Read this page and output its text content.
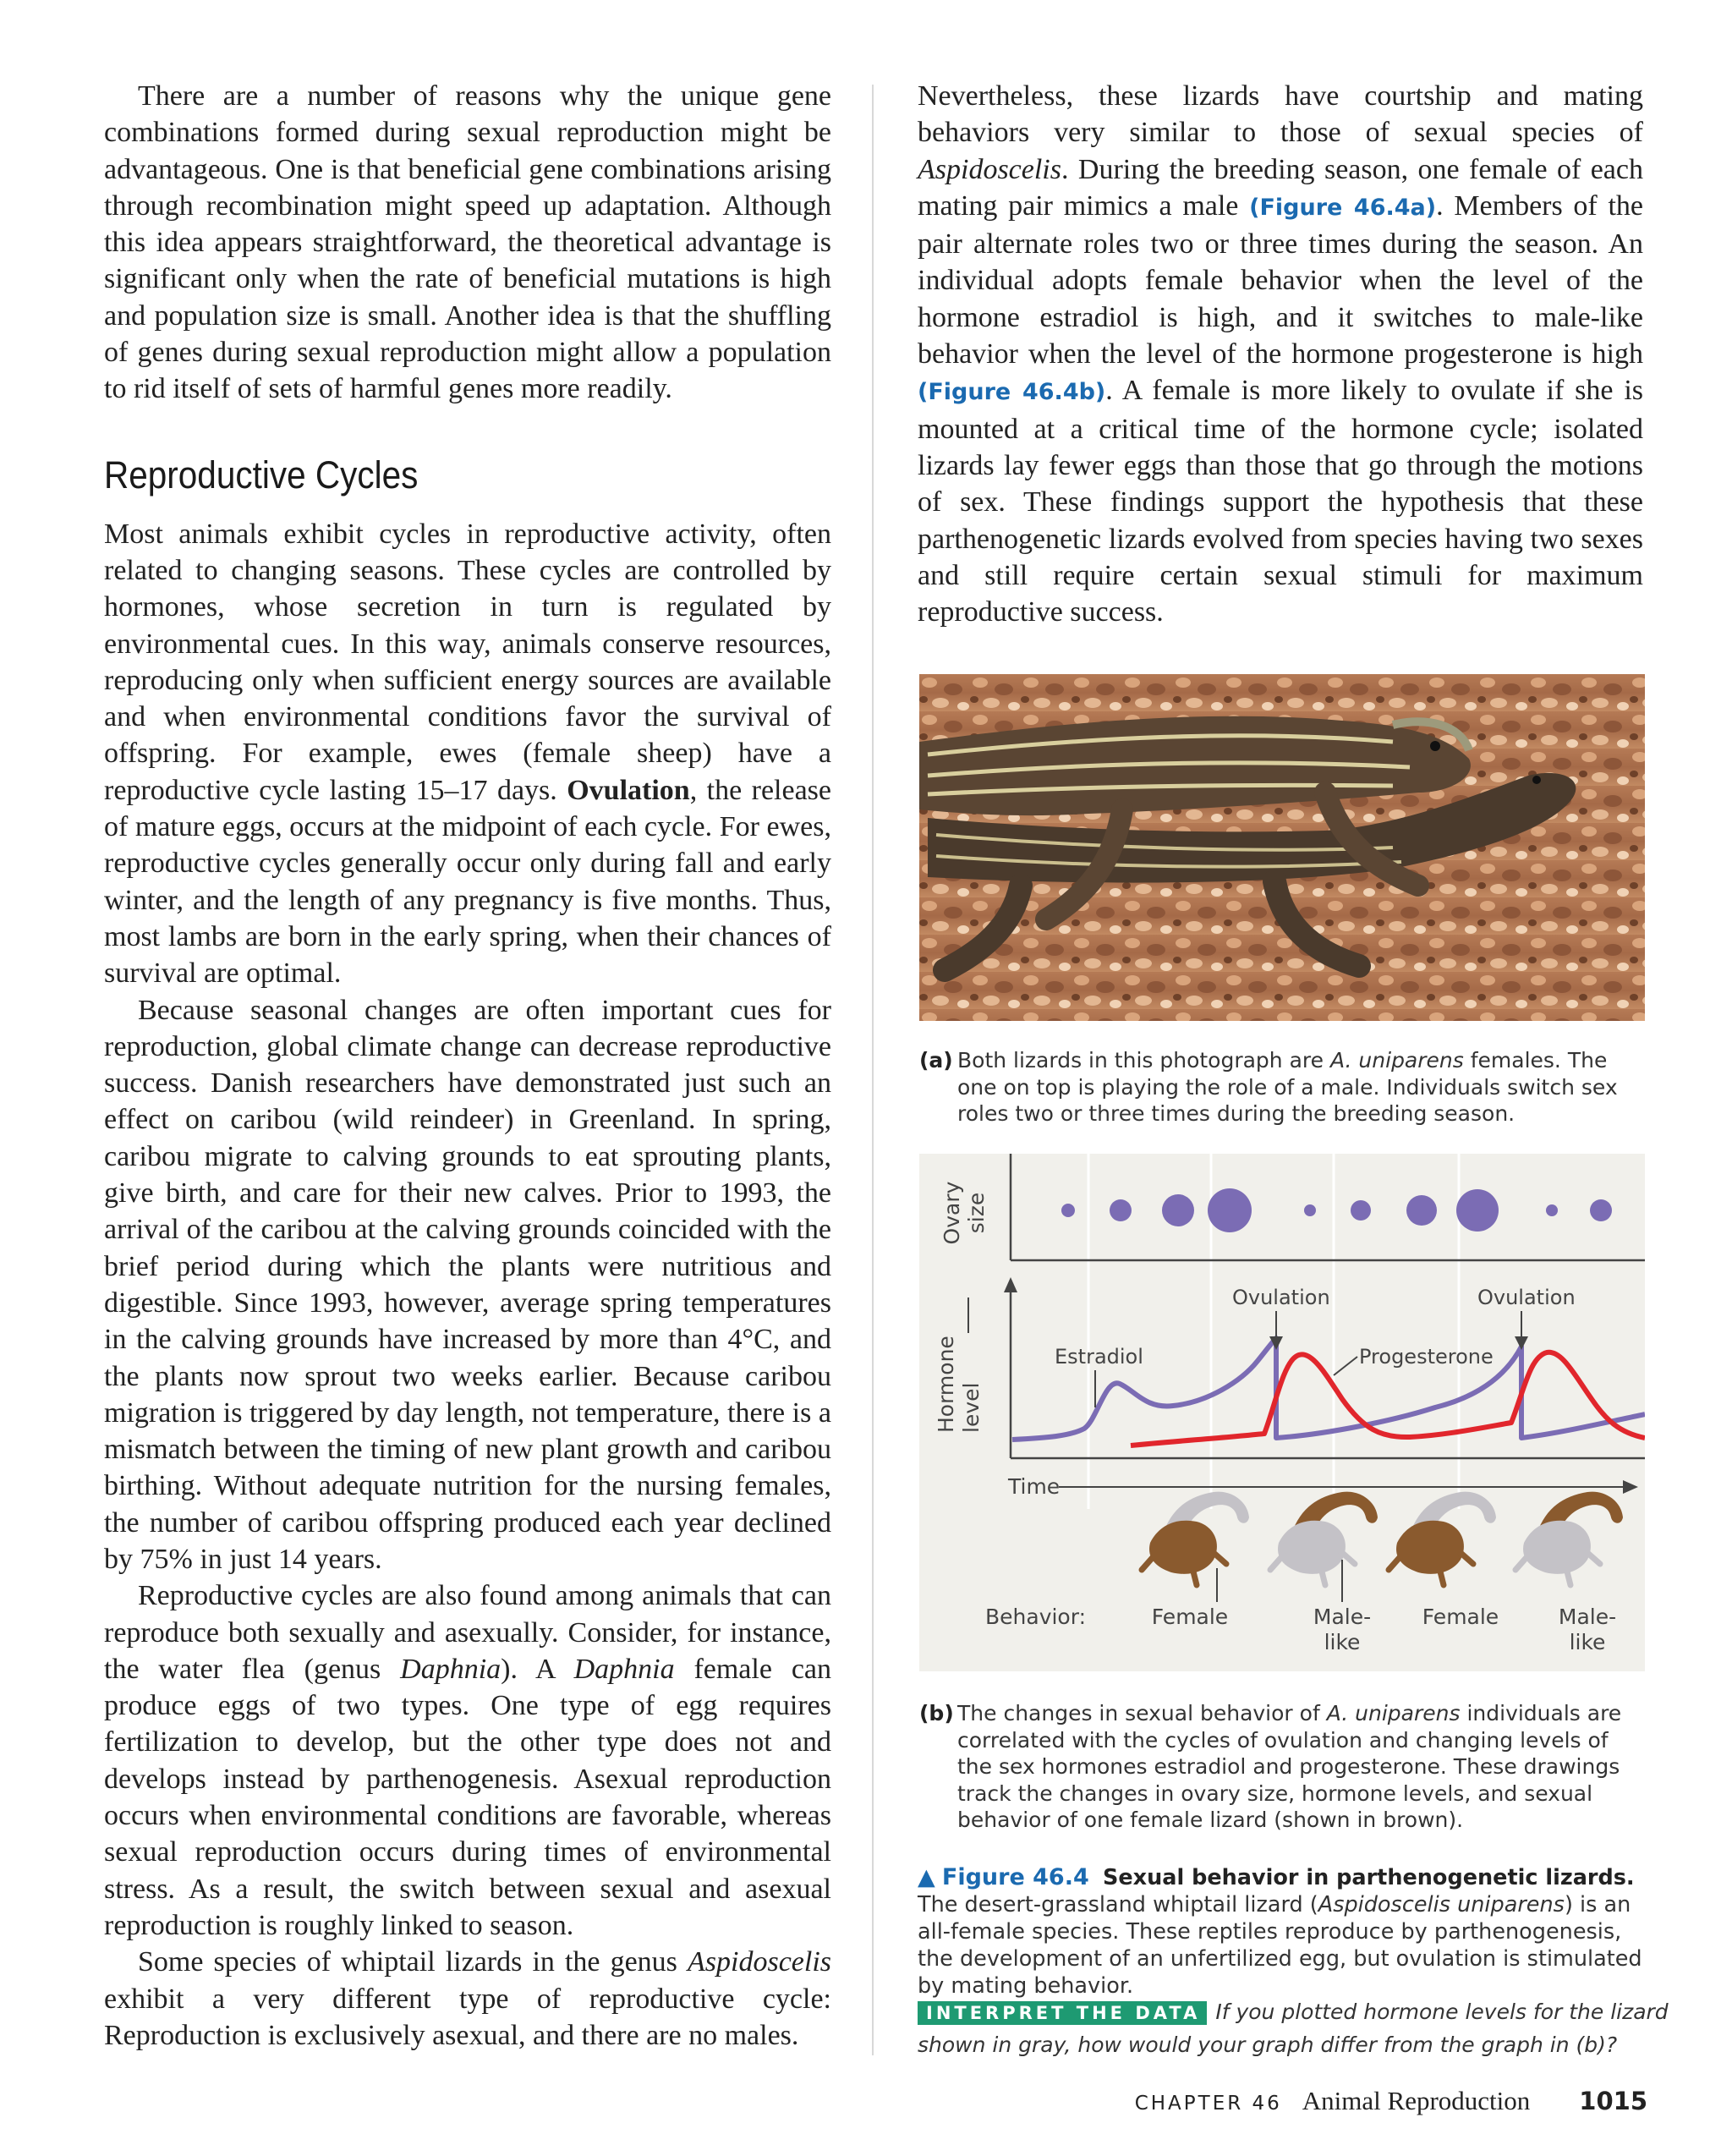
There are a number of reasons why the unique gene combinations formed during sexual reproduction might be advantageous. One is that beneficial gene combinations arising through recombination might speed up adaptation. Although this idea appears straightforward, the theoretical advantage is significant only when the rate of beneficial mutations is high and population size is small. Another idea is that the shuffling of genes during sexual reproduction might allow a population to rid itself of sets of harmful genes more readily.

Reproductive Cycles

Most animals exhibit cycles in reproductive activity, often related to changing seasons. These cycles are controlled by hormones, whose secretion in turn is regulated by environmental cues. In this way, animals conserve resources, reproducing only when sufficient energy sources are available and when environmental conditions favor the survival of offspring. For example, ewes (female sheep) have a reproductive cycle lasting 15–17 days. Ovulation, the release of mature eggs, occurs at the midpoint of each cycle. For ewes, reproductive cycles generally occur only during fall and early winter, and the length of any pregnancy is five months. Thus, most lambs are born in the early spring, when their chances of survival are optimal.

Because seasonal changes are often important cues for reproduction, global climate change can decrease reproductive success. Danish researchers have demonstrated just such an effect on caribou (wild reindeer) in Greenland. In spring, caribou migrate to calving grounds to eat sprouting plants, give birth, and care for their new calves. Prior to 1993, the arrival of the caribou at the calving grounds coincided with the brief period during which the plants were nutritious and digestible. Since 1993, however, average spring temperatures in the calving grounds have increased by more than 4°C, and the plants now sprout two weeks earlier. Because caribou migration is triggered by day length, not temperature, there is a mismatch between the timing of new plant growth and caribou birthing. Without adequate nutrition for the nursing females, the number of caribou offspring produced each year declined by 75% in just 14 years.

Reproductive cycles are also found among animals that can reproduce both sexually and asexually. Consider, for instance, the water flea (genus Daphnia). A Daphnia female can produce eggs of two types. One type of egg requires fertilization to develop, but the other type does not and develops instead by parthenogenesis. Asexual reproduction occurs when environmental conditions are favorable, whereas sexual reproduction occurs during times of environmental stress. As a result, the switch between sexual and asexual reproduction is roughly linked to season.

Some species of whiptail lizards in the genus Aspidoscelis exhibit a very different type of reproductive cycle: Reproduction is exclusively asexual, and there are no males.

Nevertheless, these lizards have courtship and mating behaviors very similar to those of sexual species of Aspidoscelis. During the breeding season, one female of each mating pair mimics a male (Figure 46.4a). Members of the pair alternate roles two or three times during the season. An individual adopts female behavior when the level of the hormone estradiol is high, and it switches to male-like behavior when the level of the hormone progesterone is high (Figure 46.4b). A female is more likely to ovulate if she is mounted at a critical time of the hormone cycle; isolated lizards lay fewer eggs than those that go through the motions of sex. These findings support the hypothesis that these parthenogenetic lizards evolved from species having two sexes and still require certain sexual stimuli for maximum reproductive success.

(a) Both lizards in this photograph are A. uniparens females. The one on top is playing the role of a male. Individuals switch sex roles two or three times during the breeding season.
Ovary size
Hormone level
Time
Estradiol	Progesterone
Ovulation	Ovulation
Behavior:	Female	Male-
like
Female	Male-
like
(b) The changes in sexual behavior of A. uniparens individuals are correlated with the cycles of ovulation and changing levels of the sex hormones estradiol and progesterone. These drawings track the changes in ovary size, hormone levels, and sexual behavior of one female lizard (shown in brown).
▲ Figure 46.4 Sexual behavior in parthenogenetic lizards. The desert-grassland whiptail lizard (Aspidoscelis uniparens) is an all-female species. These reptiles reproduce by parthenogenesis, the development of an unfertilized egg, but ovulation is stimulated by mating behavior.
INTERPRET THE DATA If you plotted hormone levels for the lizard shown in gray, how would your graph differ from the graph in (b)?
CHAPTER 46 Animal Reproduction 1015
